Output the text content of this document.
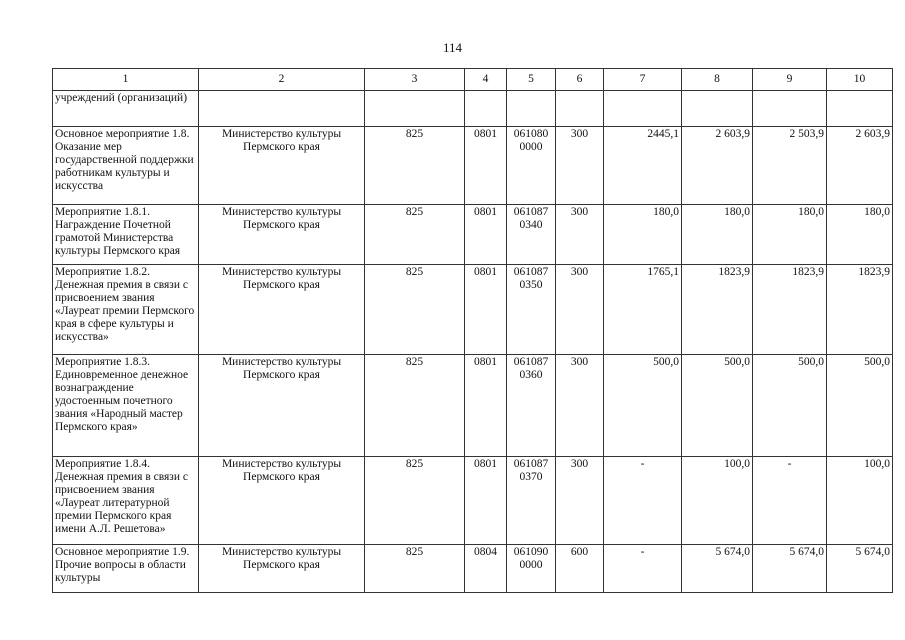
114
1	2	3	4	5	6	7	8	9	10
учреждений (организаций)									
Основное мероприятие 1.8. Оказание мер государственной поддержки работникам культуры и искусства	Министерство культуры Пермского края	825	0801	061080 0000	300	2445,1	2 603,9	2 503,9	2 603,9
Мероприятие 1.8.1. Награждение Почетной грамотой Министерства культуры Пермского края	Министерство культуры Пермского края	825	0801	061087 0340	300	180,0	180,0	180,0	180,0
Мероприятие 1.8.2. Денежная премия в связи с присвоением звания «Лауреат премии Пермского края в сфере культуры и искусства»	Министерство культуры Пермского края	825	0801	061087 0350	300	1765,1	1823,9	1823,9	1823,9
Мероприятие 1.8.3. Единовременное денежное вознаграждение удостоенным почетного звания «Народный мастер Пермского края»	Министерство культуры Пермского края	825	0801	061087 0360	300	500,0	500,0	500,0	500,0
Мероприятие 1.8.4. Денежная премия в связи с присвоением звания «Лауреат литературной премии Пермского края имени А.Л. Решетова»	Министерство культуры Пермского края	825	0801	061087 0370	300	-	100,0	-	100,0
Основное мероприятие 1.9. Прочие вопросы в области культуры	Министерство культуры Пермского края	825	0804	061090 0000	600	-	5 674,0	5 674,0	5 674,0
